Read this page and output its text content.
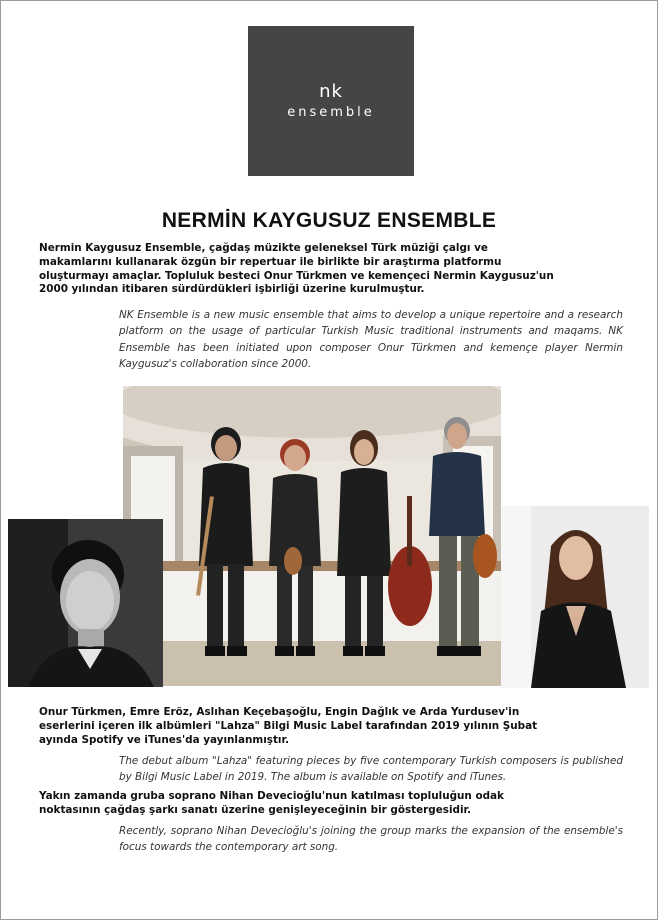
nk
ensemble
NERMİN KAYGUSUZ ENSEMBLE
Nermin Kaygusuz Ensemble, çağdaş müzikte geleneksel Türk müziği çalgı ve makamlarını kullanarak özgün bir repertuar ile birlikte bir araştırma platformu oluşturmayı amaçlar. Topluluk besteci Onur Türkmen ve kemençeci Nermin Kaygusuz'un 2000 yılından itibaren sürdürdükleri işbirliği üzerine kurulmuştur.
NK Ensemble is a new music ensemble that aims to develop a unique repertoire and a research platform on the usage of particular Turkish Music traditional instruments and maqams. NK Ensemble has been initiated upon composer Onur Türkmen and kemençe player Nermin Kaygusuz's collaboration since 2000.
Onur Türkmen, Emre Eröz, Aslıhan Keçebaşoğlu, Engin Dağlık ve Arda Yurdusev'in eserlerini içeren ilk albümleri "Lahza" Bilgi Music Label tarafından 2019 yılının Şubat ayında Spotify ve iTunes'da yayınlanmıştır.
The debut album "Lahza" featuring pieces by five contemporary Turkish composers is published by Bilgi Music Label in 2019. The album is available on Spotify and iTunes.
Yakın zamanda gruba soprano Nihan Devecioğlu'nun katılması topluluğun odak noktasının çağdaş şarkı sanatı üzerine genişleyeceğinin bir göstergesidir.
Recently, soprano Nihan Devecioğlu's joining the group marks the expansion of the ensemble's focus towards the contemporary art song.
